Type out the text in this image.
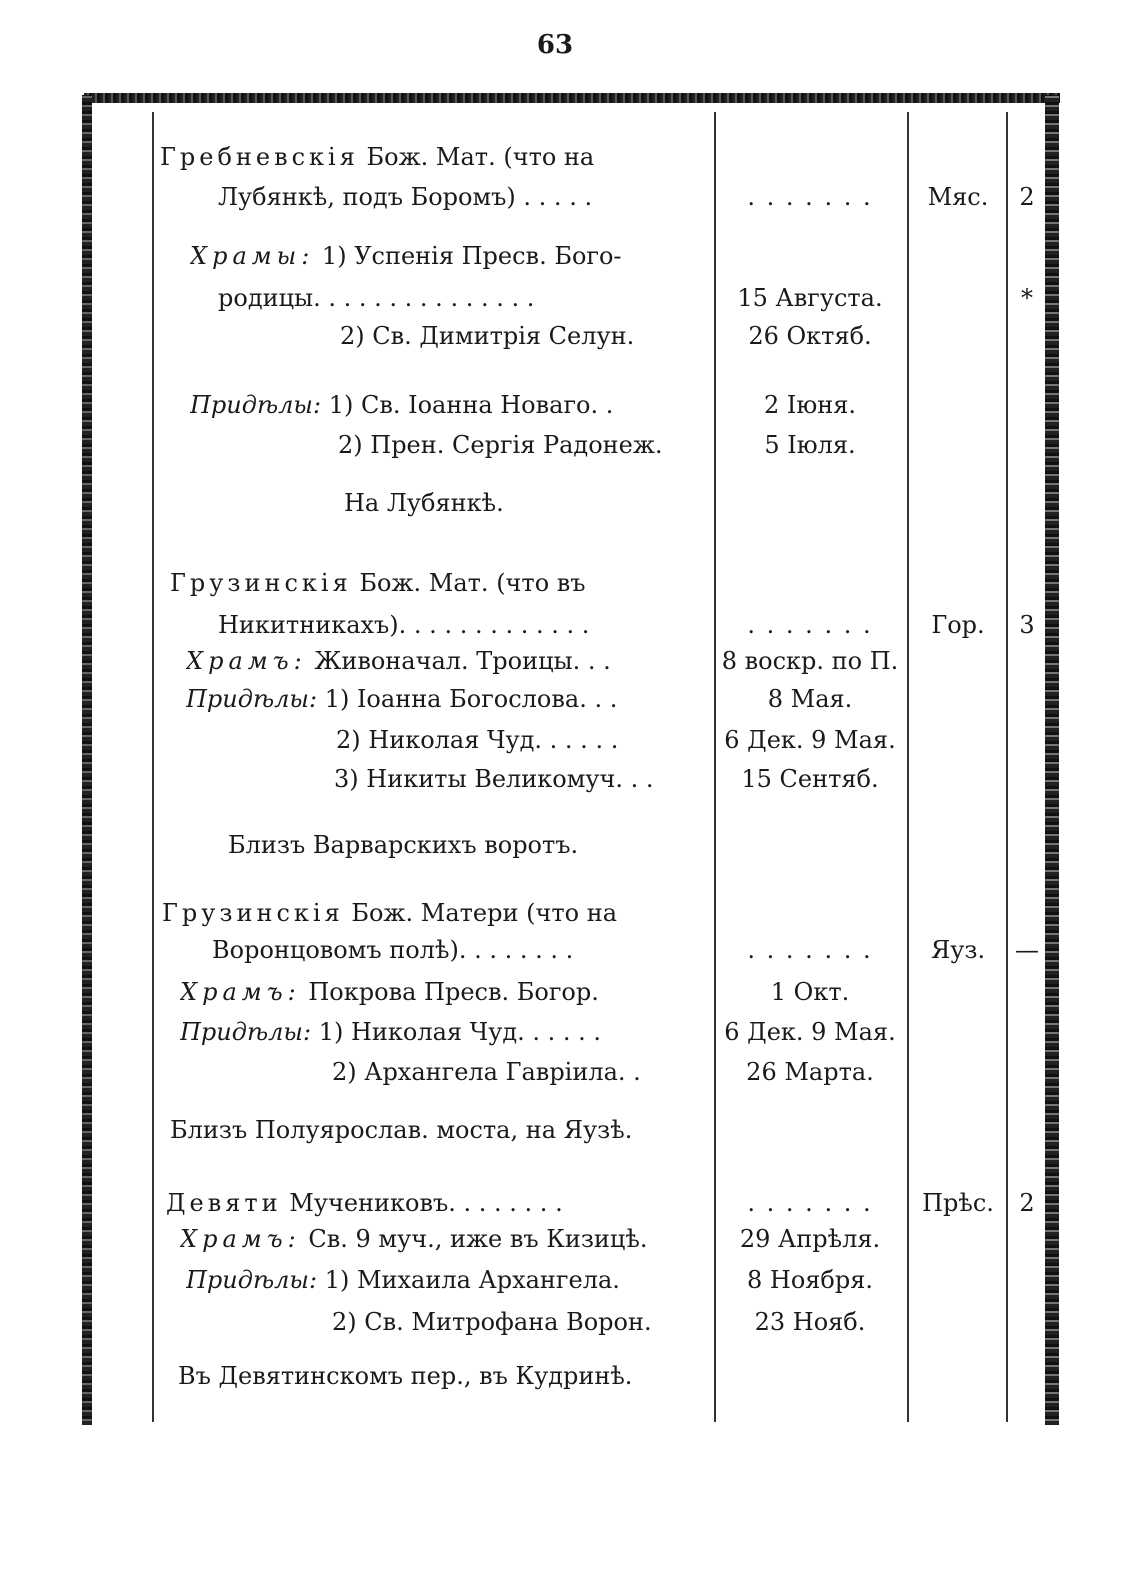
63
Гребневскія Бож. Мат. (что на
Лубянкѣ, подъ Боромъ) . . . . .	. . . . . . .	Мяс.	2
Храмы: 1) Успенія Пресв. Бого-
родицы. . . . . . . . . . . . . . .	15 Августа.	*
2) Св. Димитрія Селун.	26 Октяб.
Придѣлы: 1) Св. Іоанна Новаго. .	2 Іюня.
2) Прен. Сергія Радонеж.	5 Іюля.
На Лубянкѣ.
Грузинскія Бож. Мат. (что въ
Никитникахъ). . . . . . . . . . . . .	. . . . . . .	Гор.	3
Храмъ: Живоначал. Троицы. . .	8 воскр. по П.
Придѣлы: 1) Іоанна Богослова. . .	8 Мая.
2) Николая Чуд. . . . . .	6 Дек. 9 Мая.
3) Никиты Великомуч. . .	15 Сентяб.
Близъ Варварскихъ воротъ.
Грузинскія Бож. Матери (что на
Воронцовомъ полѣ). . . . . . . .	. . . . . . .	Яуз.	—
Храмъ: Покрова Пресв. Богор.	1 Окт.
Придѣлы: 1) Николая Чуд. . . . . .	6 Дек. 9 Мая.
2) Архангела Гавріила. .	26 Марта.
Близъ Полуярослав. моста, на Яузѣ.
Девяти Мучениковъ. . . . . . . .	. . . . . . .	Прѣс.	2
Храмъ: Св. 9 муч., иже въ Кизицѣ.	29 Апрѣля.
Придѣлы: 1) Михаила Архангела.	8 Ноября.
2) Св. Митрофана Ворон.	23 Нояб.
Въ Девятинскомъ пер., въ Кудринѣ.
